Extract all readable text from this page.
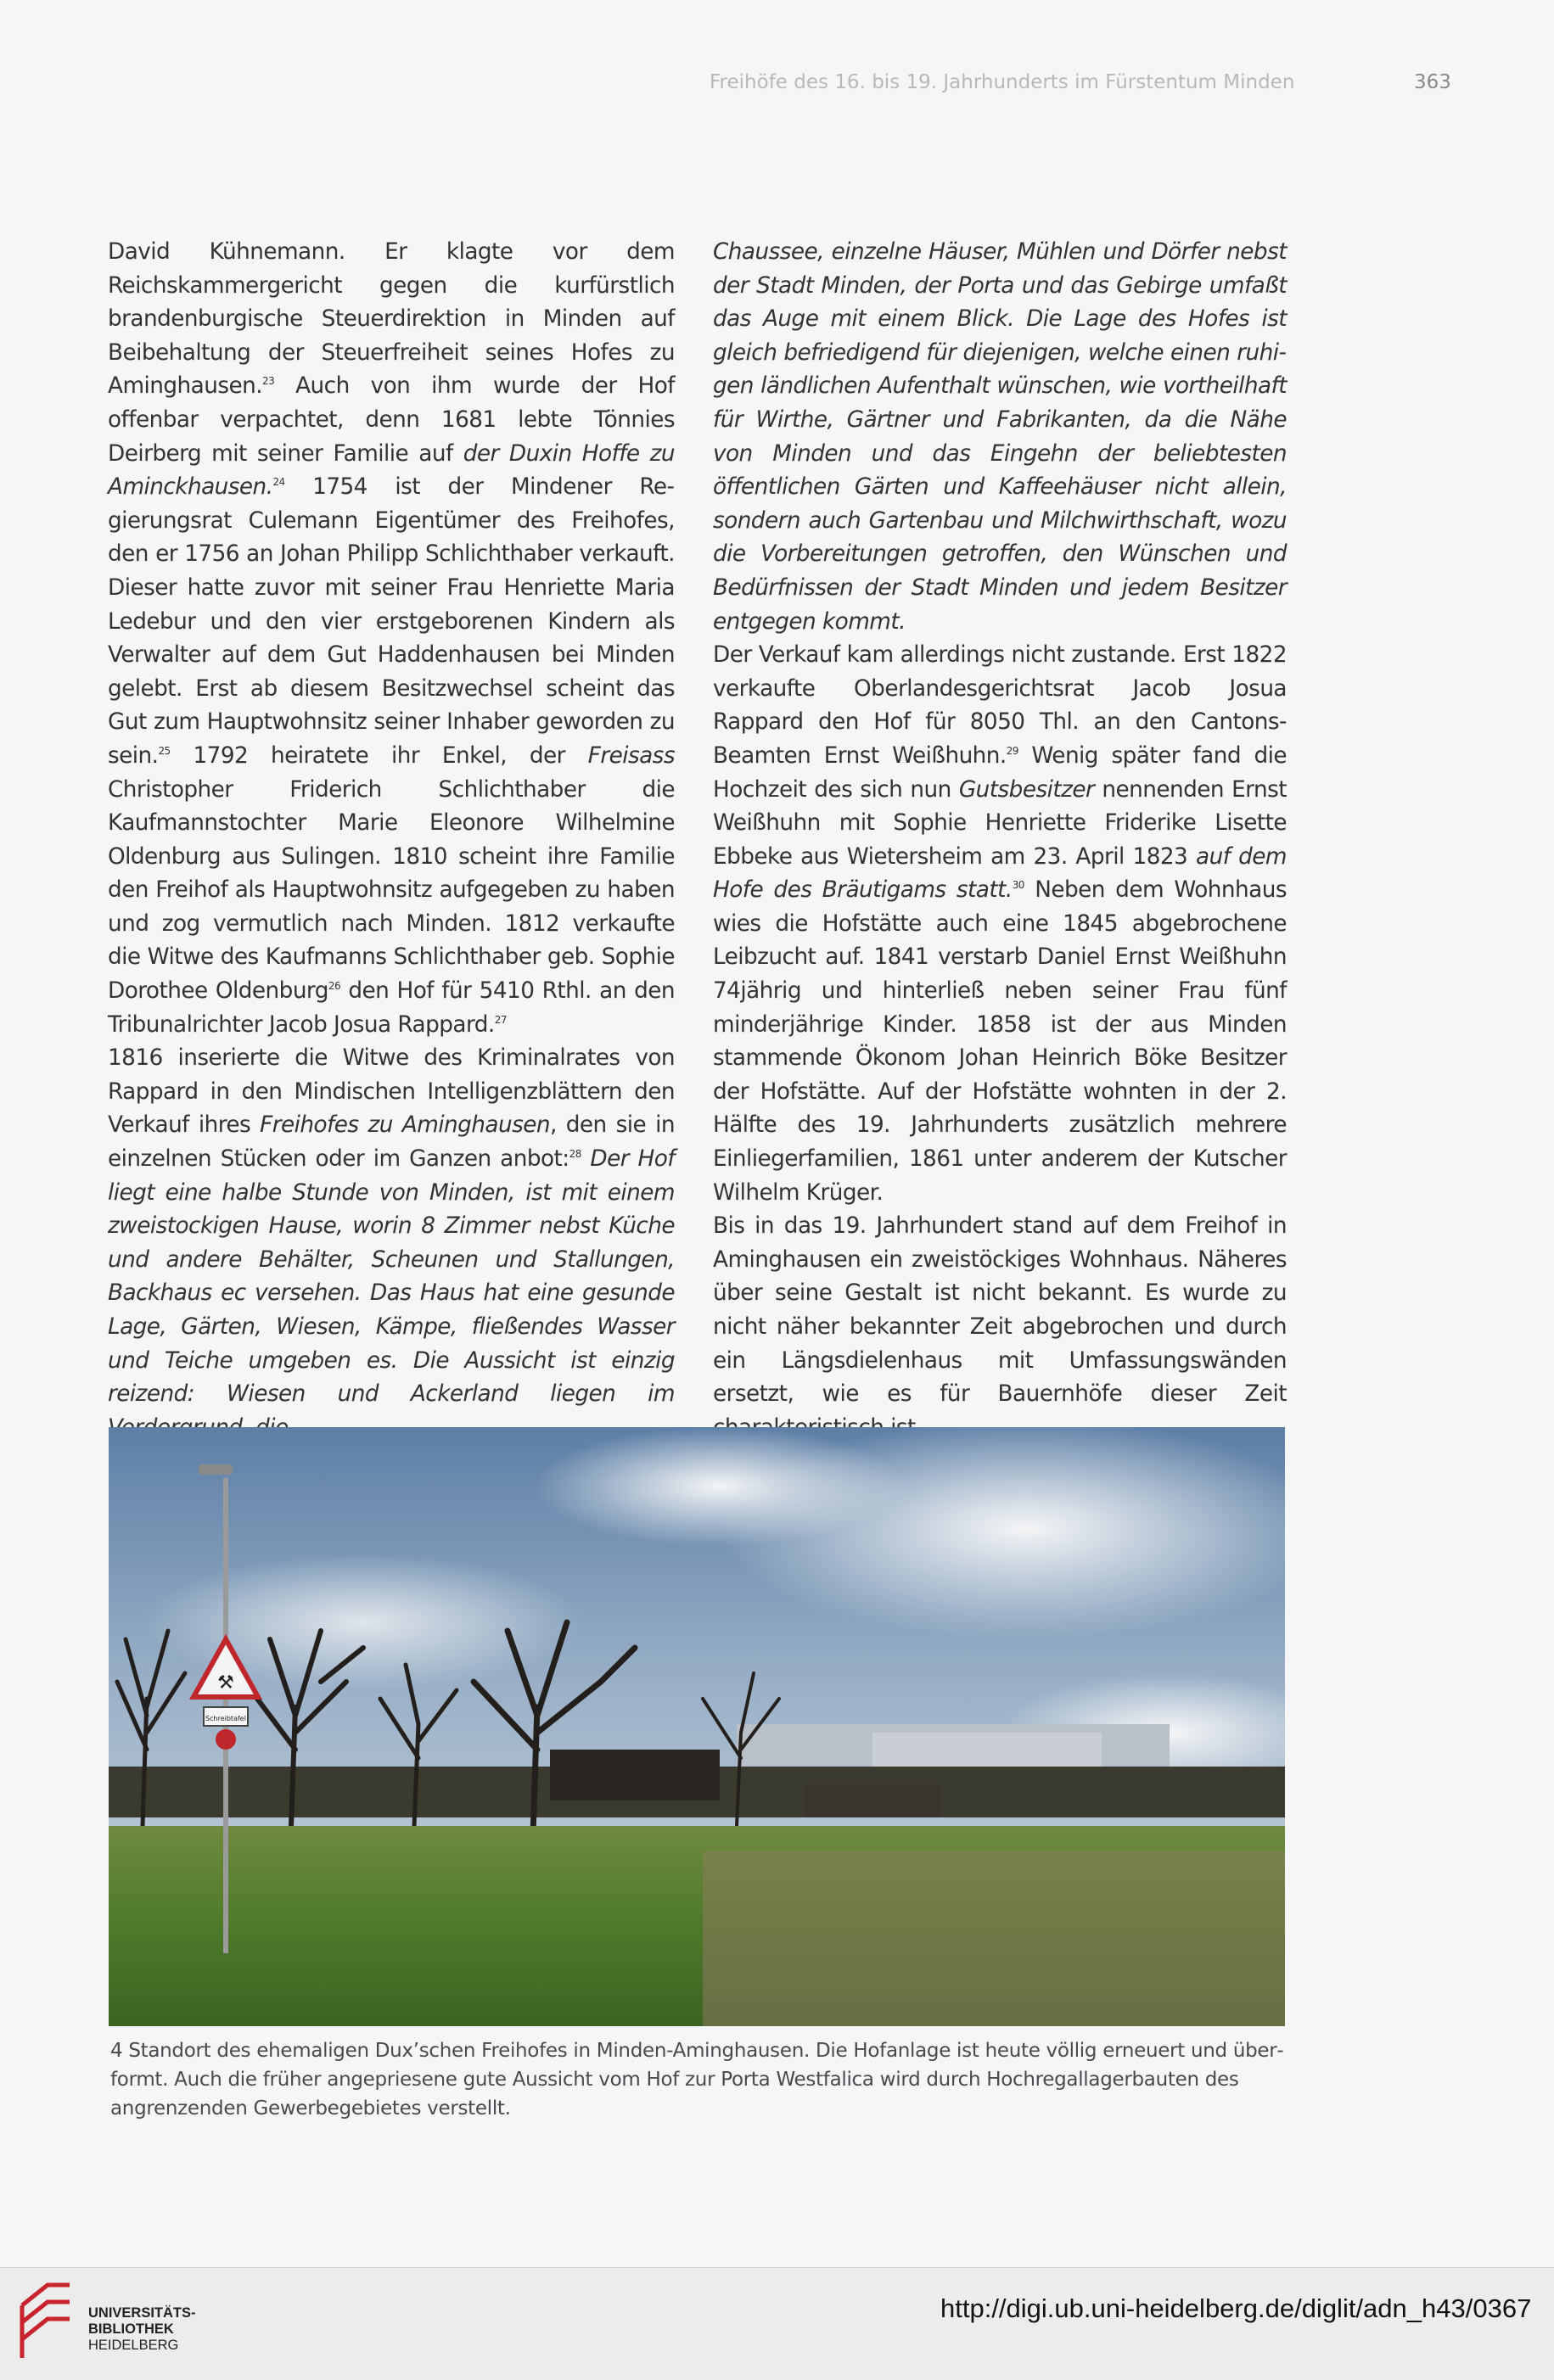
Freihöfe des 16. bis 19. Jahrhunderts im Fürstentum Minden	363

David Kühnemann. Er klagte vor dem Reichskammergericht gegen die kurfürstlich brandenburgische Steuerdirektion in Minden auf Beibehaltung der Steuerfreiheit seines Hofes zu Aminghausen.$^{23}$ Auch von ihm wurde der Hof offenbar verpachtet, denn 1681 lebte Tönnies Deirberg mit seiner Familie auf der Duxin Hoffe zu Aminckhausen.$^{24}$ 1754 ist der Mindener Regierungsrat Culemann Eigentümer des Freihofes, den er 1756 an Johan Philipp Schlichthaber verkauft. Dieser hatte zuvor mit seiner Frau Henriette Maria Ledebur und den vier erstgeborenen Kindern als Verwalter auf dem Gut Haddenhausen bei Minden gelebt. Erst ab diesem Besitzwechsel scheint das Gut zum Hauptwohnsitz seiner Inhaber geworden zu sein.$^{25}$ 1792 heiratete ihr Enkel, der Freisass Christopher Friderich Schlichthaber die Kaufmannstochter Marie Eleonore Wilhelmine Oldenburg aus Sulingen. 1810 scheint ihre Familie den Freihof als Hauptwohnsitz aufgegeben zu haben und zog vermutlich nach Minden. 1812 verkaufte die Witwe des Kaufmanns Schlichthaber geb. Sophie Dorothee Oldenburg$^{26}$ den Hof für 5410 Rthl. an den Tribunalrichter Jacob Josua Rappard.$^{27}$

1816 inserierte die Witwe des Kriminalrates von Rappard in den Mindischen Intelligenzblättern den Verkauf ihres Freihofes zu Aminghausen, den sie in einzelnen Stücken oder im Ganzen anbot:$^{28}$ Der Hof liegt eine halbe Stunde von Minden, ist mit einem zweistockigen Hause, worin 8 Zimmer nebst Küche und andere Behälter, Scheunen und Stallungen, Backhaus ec versehen. Das Haus hat eine gesunde Lage, Gärten, Wiesen, Kämpe, fließendes Wasser und Teiche umgeben es. Die Aussicht ist einzig reizend: Wiesen und Ackerland liegen im

Chaussee, einzelne Häuser, Mühlen und Dörfer nebst der Stadt Minden, der Porta und das Gebirge umfaßt das Auge mit einem Blick. Die Lage des Hofes ist gleich befriedigend für diejenigen, welche einen ruhigen ländlichen Aufenthalt wünschen, wie vortheilhaft für Wirthe, Gärtner und Fabrikanten, da die Nähe von Minden und das Eingehn der beliebtesten öffentlichen Gärten und Kaffeehäuser nicht allein, sondern auch Gartenbau und Milchwirthschaft, wozu die Vorbereitungen getroffen, den Wünschen und Bedürfnissen der Stadt Minden und jedem Besitzer entgegen kommt.

Der Verkauf kam allerdings nicht zustande. Erst 1822 verkaufte Oberlandesgerichtsrat Jacob Josua Rappard den Hof für 8050 Thl. an den Cantons-Beamten Ernst Weißhuhn.$^{29}$ Wenig später fand die Hochzeit des sich nun Gutsbesitzer nennenden Ernst Weißhuhn mit Sophie Henriette Friderike Lisette Ebbeke aus Wietersheim am 23. April 1823 auf dem Hofe des Bräutigams statt.$^{30}$ Neben dem Wohnhaus wies die Hofstätte auch eine 1845 abgebrochene Leibzucht auf. 1841 verstarb Daniel Ernst Weißhuhn 74jährig und hinterließ neben seiner Frau fünf minderjährige Kinder. 1858 ist der aus Minden stammende Ökonom Johan Heinrich Böke Besitzer der Hofstätte. Auf der Hofstätte wohnten in der 2. Hälfte des 19. Jahrhunderts zusätzlich mehrere Einliegerfamilien, 1861 unter anderem der Kutscher Wilhelm Krüger.

Bis in das 19. Jahrhundert stand auf dem Freihof in Aminghausen ein zweistöckiges Wohnhaus. Näheres über seine Gestalt ist nicht bekannt. Es wurde zu nicht näher bekannter Zeit abgebrochen und durch ein Längsdielenhaus mit Umfassungswänden ersetzt, wie es für Bauernhöfe dieser Zeit

⚒
Schreibtafel
4 Standort des ehemaligen Dux’schen Freihofes in Minden-Aminghausen. Die Hofanlage ist heute völlig erneuert und überformt. Auch die früher angepriesene gute Aussicht vom Hof zur Porta Westfalica wird durch Hochregallagerbauten des angrenzenden Gewerbegebietes verstellt.
UNIVERSITÄTS-
BIBLIOTHEK
HEIDELBERG
http://digi.ub.uni-heidelberg.de/diglit/adn_h43/0367
